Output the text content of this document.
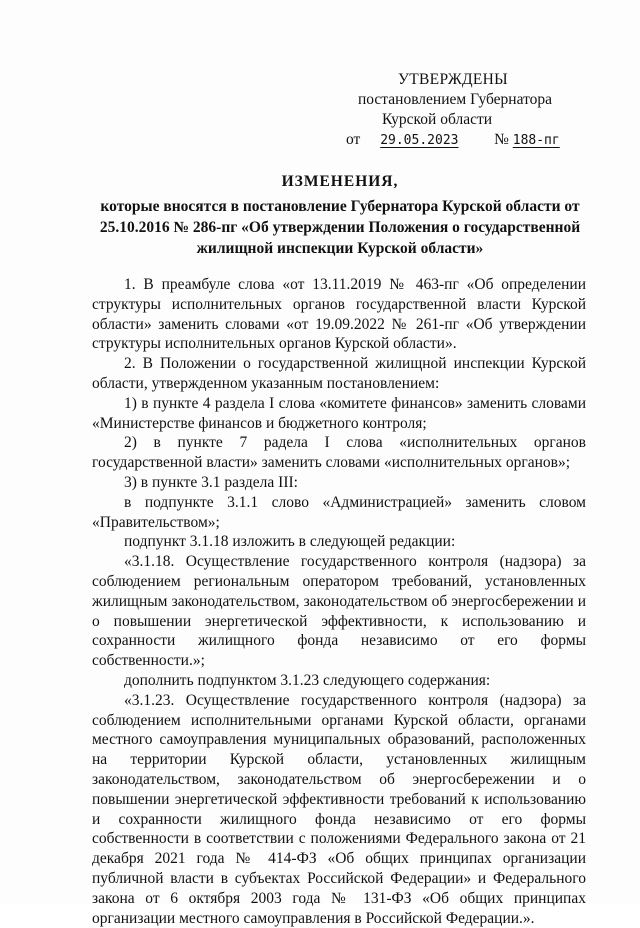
УТВЕРЖДЕНЫ
постановлением Губернатора
Курской области
от 29.05.2023 № 188-пг
ИЗМЕНЕНИЯ,
которые вносятся в постановление Губернатора Курской области от 25.10.2016 № 286-пг «Об утверждении Положения о государственной жилищной инспекции Курской области»

1. В преамбуле слова «от 13.11.2019 № 463-пг «Об определении структуры исполнительных органов государственной власти Курской области» заменить словами «от 19.09.2022 № 261-пг «Об утверждении структуры исполнительных органов Курской области».

2. В Положении о государственной жилищной инспекции Курской области, утвержденном указанным постановлением:

1) в пункте 4 раздела I слова «комитете финансов» заменить словами «Министерстве финансов и бюджетного контроля;

2) в пункте 7 радела I слова «исполнительных органов государственной власти» заменить словами «исполнительных органов»;

3) в пункте 3.1 раздела III:

в подпункте 3.1.1 слово «Администрацией» заменить словом «Правительством»;

подпункт 3.1.18 изложить в следующей редакции:

«3.1.18. Осуществление государственного контроля (надзора) за соблюдением региональным оператором требований, установленных жилищным законодательством, законодательством об энергосбережении и о повышении энергетической эффективности, к использованию и сохранности жилищного фонда независимо от его формы собственности.»;

дополнить подпунктом 3.1.23 следующего содержания:

«3.1.23. Осуществление государственного контроля (надзора) за соблюдением исполнительными органами Курской области, органами местного самоуправления муниципальных образований, расположенных на территории Курской области, установленных жилищным законодательством, законодательством об энергосбережении и о повышении энергетической эффективности требований к использованию и сохранности жилищного фонда независимо от его формы собственности в соответствии с положениями Федерального закона от 21 декабря 2021 года № 414-ФЗ «Об общих принципах организации публичной власти в субъектах Российской Федерации» и Федерального закона от 6 октября 2003 года № 131-ФЗ «Об общих принципах организации местного самоуправления в Российской Федерации.».
